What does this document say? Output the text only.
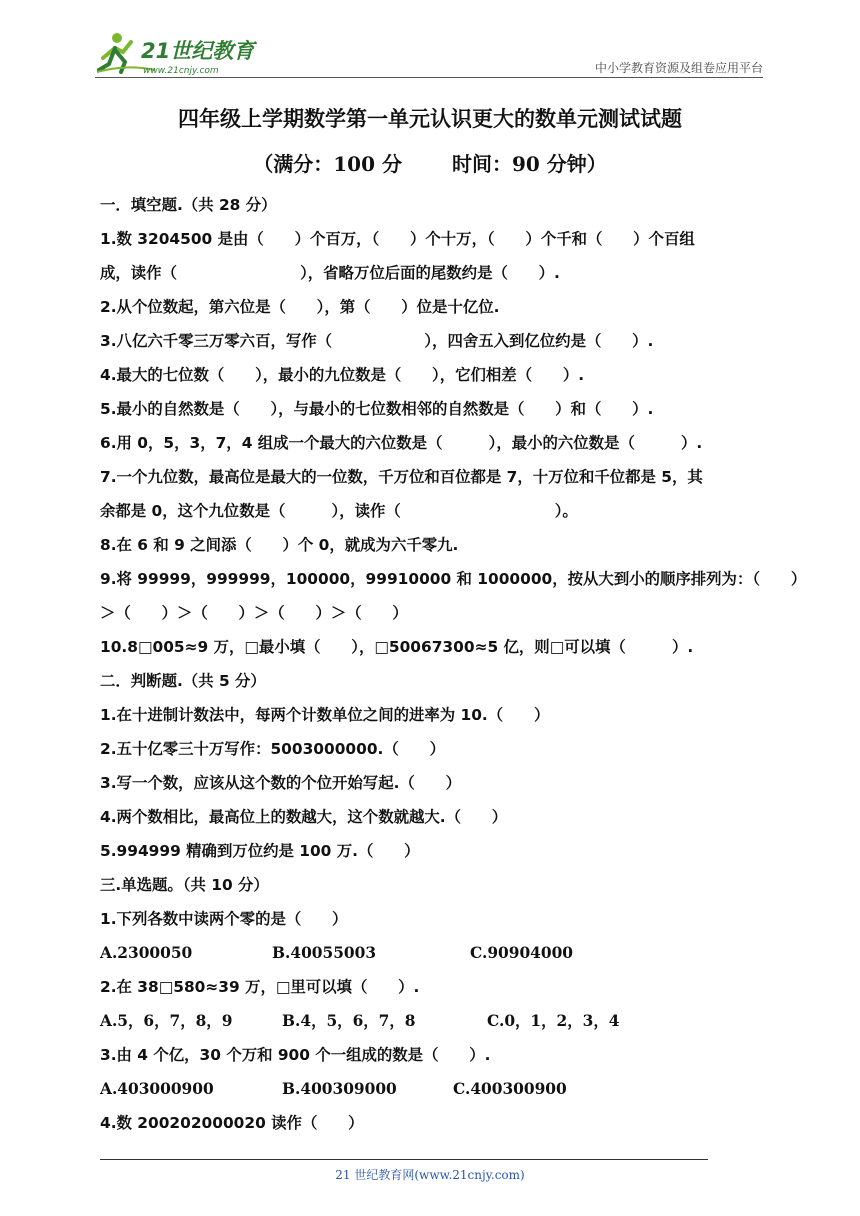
21世纪教育
www.21cnjy.com	中小学教育资源及组卷应用平台
四年级上学期数学第一单元认识更大的数单元测试试题
（满分：100 分	时间：90 分钟）
一．填空题.（共 28 分）
1.数 3204500 是由（　　）个百万，（　　）个十万，（　　）个千和（　　）个百组
成，读作（　　　　　　　　），省略万位后面的尾数约是（　　）.
2.从个位数起，第六位是（　　），第（　　）位是十亿位.
3.八亿六千零三万零六百，写作（　　　　　　），四舍五入到亿位约是（　　）.
4.最大的七位数（　　），最小的九位数是（　　），它们相差（　　）.
5.最小的自然数是（　　），与最小的七位数相邻的自然数是（　　）和（　　）.
6.用 0，5，3，7，4 组成一个最大的六位数是（　　　），最小的六位数是（　　　）.
7.一个九位数，最高位是最大的一位数，千万位和百位都是 7，十万位和千位都是 5，其
余都是 0，这个九位数是（　　　），读作（　　　　　　　　　　）。
8.在 6 和 9 之间添（　　）个 0，就成为六千零九.
9.将 99999，999999，100000，99910000 和 1000000，按从大到小的顺序排列为：（　　）
＞（　　）＞（　　）＞（　　）＞（　　）
10.8□005≈9 万，□最小填（　　），□50067300≈5 亿，则□可以填（　　　）.
二．判断题.（共 5 分）
1.在十进制计数法中，每两个计数单位之间的进率为 10.（　　）
2.五十亿零三十万写作：5003000000.（　　）
3.写一个数，应该从这个数的个位开始写起.（　　）
4.两个数相比，最高位上的数越大，这个数就越大.（　　）
5.994999 精确到万位约是 100 万.（　　）
三.单选题。（共 10 分）
1.下列各数中读两个零的是（　　）
A.2300050	B.40055003	C.90904000
2.在 38□580≈39 万，□里可以填（　　）.
A.5，6，7，8，9	B.4，5，6，7，8	C.0，1，2，3，4
3.由 4 个亿，30 个万和 900 个一组成的数是（　　）.
A.403000900	B.400309000	C.400300900
4.数 200202000020 读作（　　）
21 世纪教育网(www.21cnjy.com)
